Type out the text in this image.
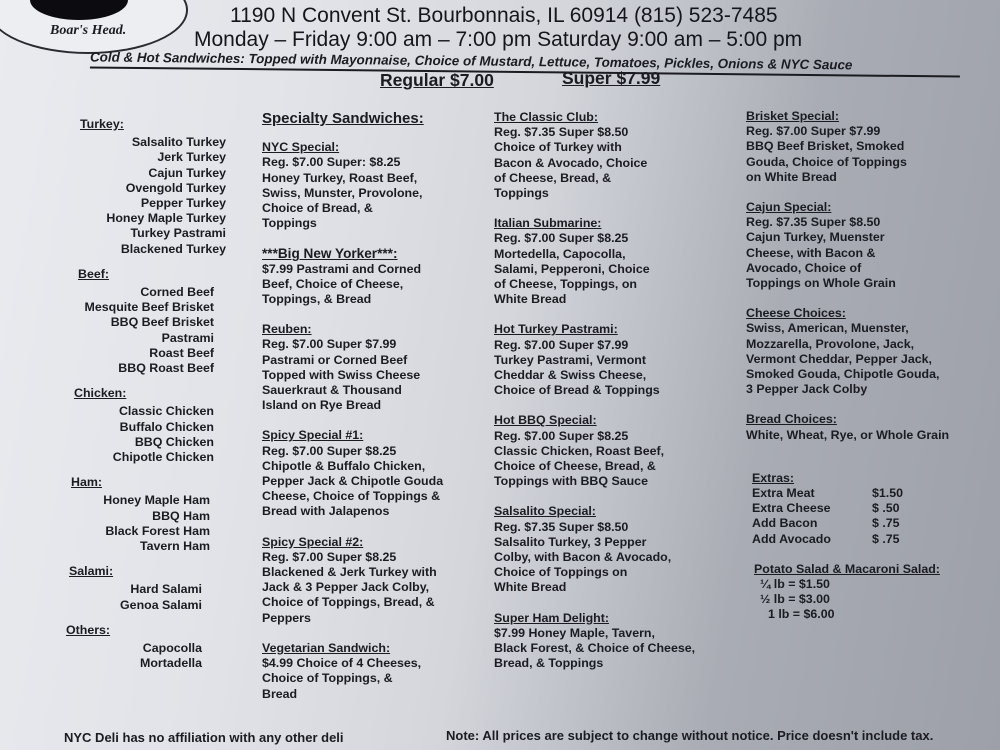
Boar's Head.
1190 N Convent St. Bourbonnais, IL 60914 (815) 523-7485
Monday – Friday 9:00 am – 7:00 pm Saturday 9:00 am – 5:00 pm
Cold & Hot Sandwiches: Topped with Mayonnaise, Choice of Mustard, Lettuce, Tomatoes, Pickles, Onions & NYC Sauce
Regular $7.00	Super $7.99
Turkey:
Salsalito Turkey
Jerk Turkey
Cajun Turkey
Ovengold Turkey
Pepper Turkey
Honey Maple Turkey
Turkey Pastrami
Blackened Turkey
Beef:
Corned Beef
Mesquite Beef Brisket
BBQ Beef Brisket
Pastrami
Roast Beef
BBQ Roast Beef
Chicken:
Classic Chicken
Buffalo Chicken
BBQ Chicken
Chipotle Chicken
Ham:
Honey Maple Ham
BBQ Ham
Black Forest Ham
Tavern Ham
Salami:
Hard Salami
Genoa Salami
Others:
Capocolla
Mortadella
Specialty Sandwiches:
NYC Special:
Reg. $7.00 Super: $8.25
Honey Turkey, Roast Beef,
Swiss, Munster, Provolone,
Choice of Bread, &
Toppings
***Big New Yorker***:
$7.99 Pastrami and Corned
Beef, Choice of Cheese,
Toppings, & Bread
Reuben:
Reg. $7.00 Super $7.99
Pastrami or Corned Beef
Topped with Swiss Cheese
Sauerkraut & Thousand
Island on Rye Bread
Spicy Special #1:
Reg. $7.00 Super $8.25
Chipotle & Buffalo Chicken,
Pepper Jack & Chipotle Gouda
Cheese, Choice of Toppings &
Bread with Jalapenos
Spicy Special #2:
Reg. $7.00 Super $8.25
Blackened & Jerk Turkey with
Jack & 3 Pepper Jack Colby,
Choice of Toppings, Bread, &
Peppers
Vegetarian Sandwich:
$4.99 Choice of 4 Cheeses,
Choice of Toppings, &
Bread
The Classic Club:
Reg. $7.35 Super $8.50
Choice of Turkey with
Bacon & Avocado, Choice
of Cheese, Bread, &
Toppings
Italian Submarine:
Reg. $7.00 Super $8.25
Mortedella, Capocolla,
Salami, Pepperoni, Choice
of Cheese, Toppings, on
White Bread
Hot Turkey Pastrami:
Reg. $7.00 Super $7.99
Turkey Pastrami, Vermont
Cheddar & Swiss Cheese,
Choice of Bread & Toppings
Hot BBQ Special:
Reg. $7.00 Super $8.25
Classic Chicken, Roast Beef,
Choice of Cheese, Bread, &
Toppings with BBQ Sauce
Salsalito Special:
Reg. $7.35 Super $8.50
Salsalito Turkey, 3 Pepper
Colby, with Bacon & Avocado,
Choice of Toppings on
White Bread
Super Ham Delight:
$7.99 Honey Maple, Tavern,
Black Forest, & Choice of Cheese,
Bread, & Toppings
Brisket Special:
Reg. $7.00 Super $7.99
BBQ Beef Brisket, Smoked
Gouda, Choice of Toppings
on White Bread
Cajun Special:
Reg. $7.35 Super $8.50
Cajun Turkey, Muenster
Cheese, with Bacon &
Avocado, Choice of
Toppings on Whole Grain
Cheese Choices:
Swiss, American, Muenster,
Mozzarella, Provolone, Jack,
Vermont Cheddar, Pepper Jack,
Smoked Gouda, Chipotle Gouda,
3 Pepper Jack Colby
Bread Choices:
White, Wheat, Rye, or Whole Grain
Extras:
Extra Meat	$1.50
Extra Cheese	$ .50
Add Bacon	$ .75
Add Avocado	$ .75
Potato Salad & Macaroni Salad:
¼ lb = $1.50
½ lb = $3.00
1 lb = $6.00
NYC Deli has no affiliation with any other deli	Note: All prices are subject to change without notice. Price doesn't include tax.
